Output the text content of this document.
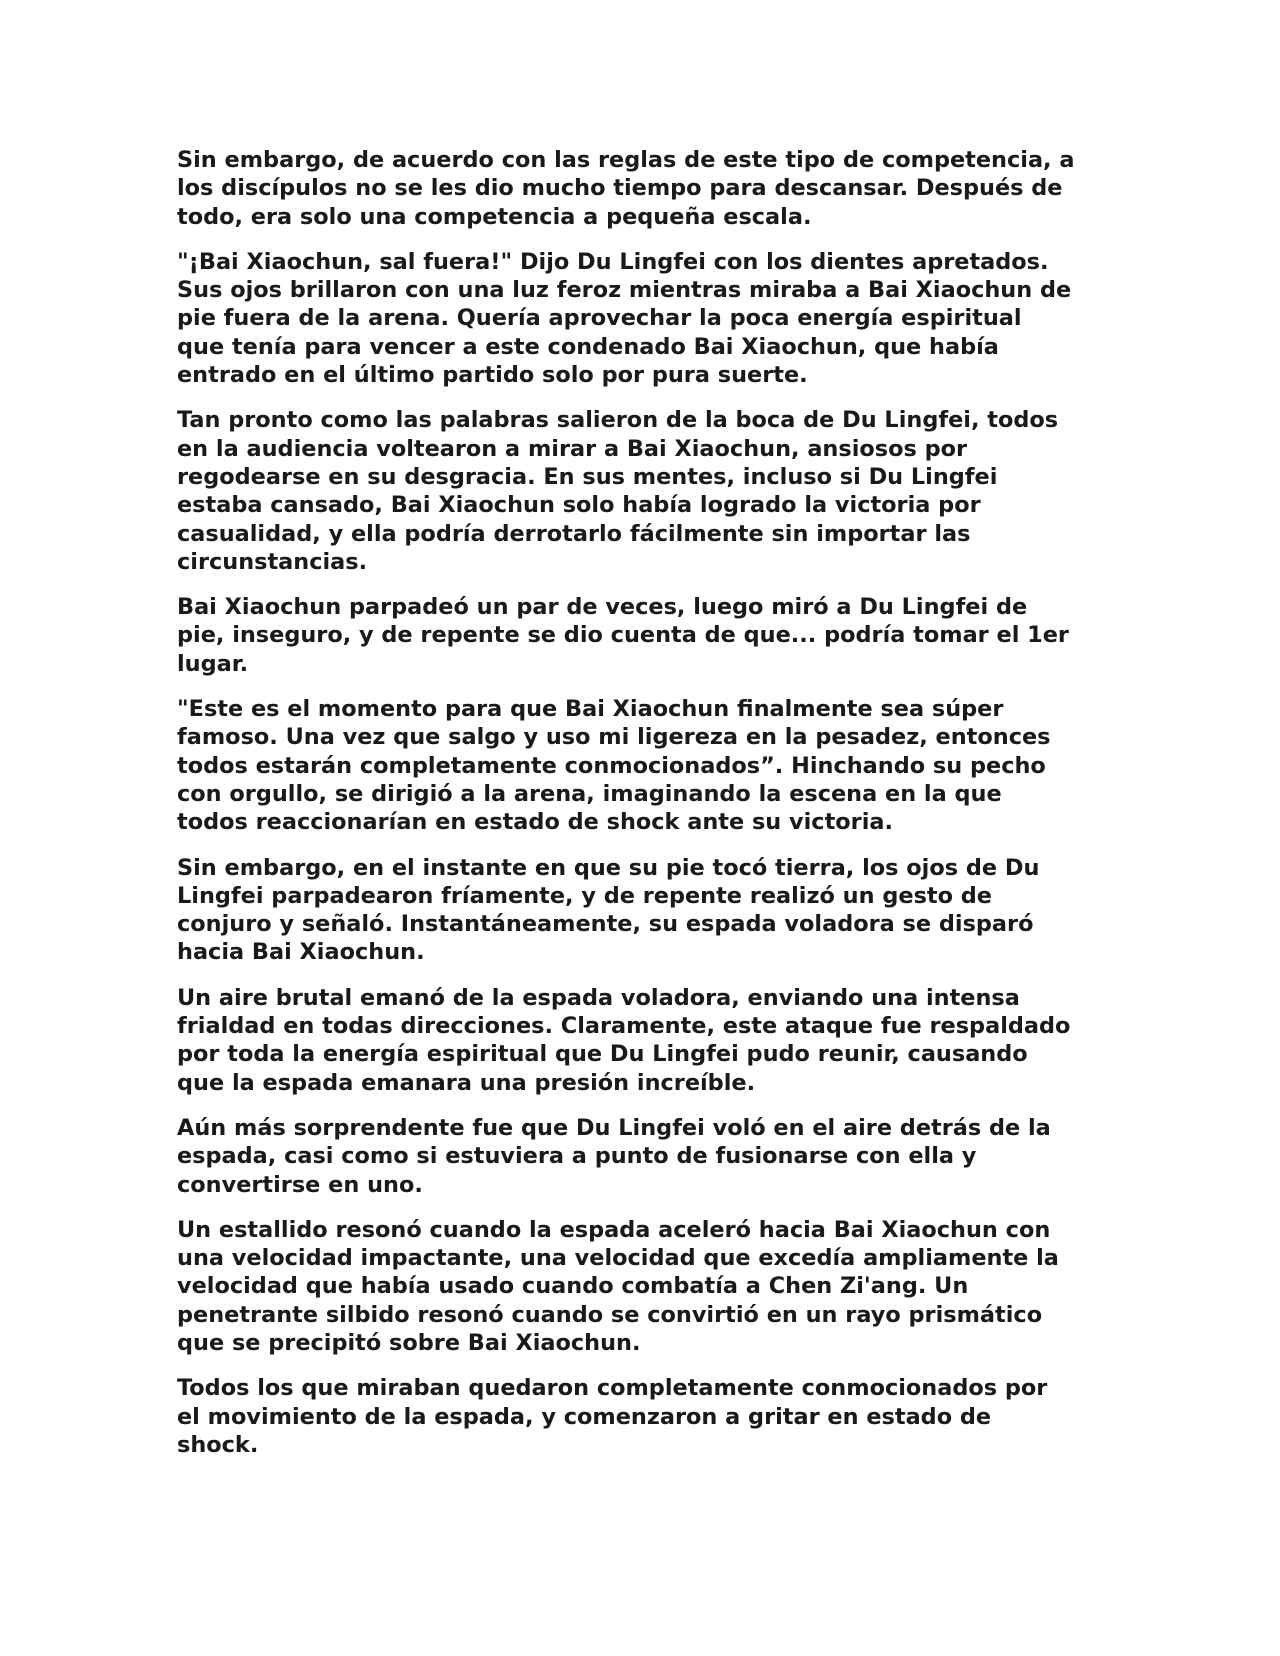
Sin embargo, de acuerdo con las reglas de este tipo de competencia, a
los discípulos no se les dio mucho tiempo para descansar. Después de
todo, era solo una competencia a pequeña escala.

"¡Bai Xiaochun, sal fuera!" Dijo Du Lingfei con los dientes apretados.
Sus ojos brillaron con una luz feroz mientras miraba a Bai Xiaochun de
pie fuera de la arena. Quería aprovechar la poca energía espiritual
que tenía para vencer a este condenado Bai Xiaochun, que había
entrado en el último partido solo por pura suerte.

Tan pronto como las palabras salieron de la boca de Du Lingfei, todos
en la audiencia voltearon a mirar a Bai Xiaochun, ansiosos por
regodearse en su desgracia. En sus mentes, incluso si Du Lingfei
estaba cansado, Bai Xiaochun solo había logrado la victoria por
casualidad, y ella podría derrotarlo fácilmente sin importar las
circunstancias.

Bai Xiaochun parpadeó un par de veces, luego miró a Du Lingfei de
pie, inseguro, y de repente se dio cuenta de que... podría tomar el 1er
lugar.

"Este es el momento para que Bai Xiaochun finalmente sea súper
famoso. Una vez que salgo y uso mi ligereza en la pesadez, entonces
todos estarán completamente conmocionados”. Hinchando su pecho
con orgullo, se dirigió a la arena, imaginando la escena en la que
todos reaccionarían en estado de shock ante su victoria.

Sin embargo, en el instante en que su pie tocó tierra, los ojos de Du
Lingfei parpadearon fríamente, y de repente realizó un gesto de
conjuro y señaló. Instantáneamente, su espada voladora se disparó
hacia Bai Xiaochun.

Un aire brutal emanó de la espada voladora, enviando una intensa
frialdad en todas direcciones. Claramente, este ataque fue respaldado
por toda la energía espiritual que Du Lingfei pudo reunir, causando
que la espada emanara una presión increíble.

Aún más sorprendente fue que Du Lingfei voló en el aire detrás de la
espada, casi como si estuviera a punto de fusionarse con ella y
convertirse en uno.

Un estallido resonó cuando la espada aceleró hacia Bai Xiaochun con
una velocidad impactante, una velocidad que excedía ampliamente la
velocidad que había usado cuando combatía a Chen Zi'ang. Un
penetrante silbido resonó cuando se convirtió en un rayo prismático
que se precipitó sobre Bai Xiaochun.

Todos los que miraban quedaron completamente conmocionados por
el movimiento de la espada, y comenzaron a gritar en estado de
shock.
